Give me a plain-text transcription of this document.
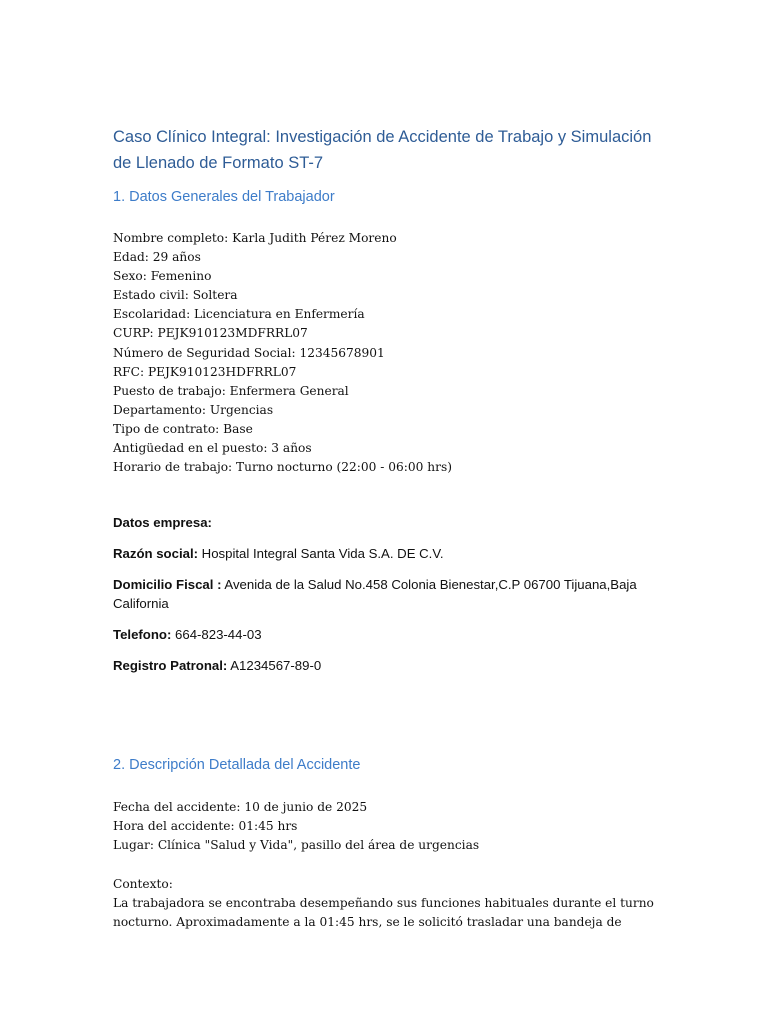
Caso Clínico Integral: Investigación de Accidente de Trabajo y Simulación de Llenado de Formato ST-7
1. Datos Generales del Trabajador
Nombre completo: Karla Judith Pérez Moreno
Edad: 29 años
Sexo: Femenino
Estado civil: Soltera
Escolaridad: Licenciatura en Enfermería
CURP: PEJK910123MDFRRL07
Número de Seguridad Social: 12345678901
RFC: PEJK910123HDFRRL07
Puesto de trabajo: Enfermera General
Departamento: Urgencias
Tipo de contrato: Base
Antigüedad en el puesto: 3 años
Horario de trabajo: Turno nocturno (22:00 - 06:00 hrs)
Datos empresa:
Razón social: Hospital Integral Santa Vida S.A. DE C.V.
Domicilio Fiscal : Avenida de la Salud No.458 Colonia Bienestar,C.P 06700 Tijuana,Baja California
Telefono: 664-823-44-03
Registro Patronal: A1234567-89-0
2. Descripción Detallada del Accidente
Fecha del accidente: 10 de junio de 2025
Hora del accidente: 01:45 hrs
Lugar: Clínica "Salud y Vida", pasillo del área de urgencias
Contexto:

La trabajadora se encontraba desempeñando sus funciones habituales durante el turno nocturno. Aproximadamente a la 01:45 hrs, se le solicitó trasladar una bandeja de
